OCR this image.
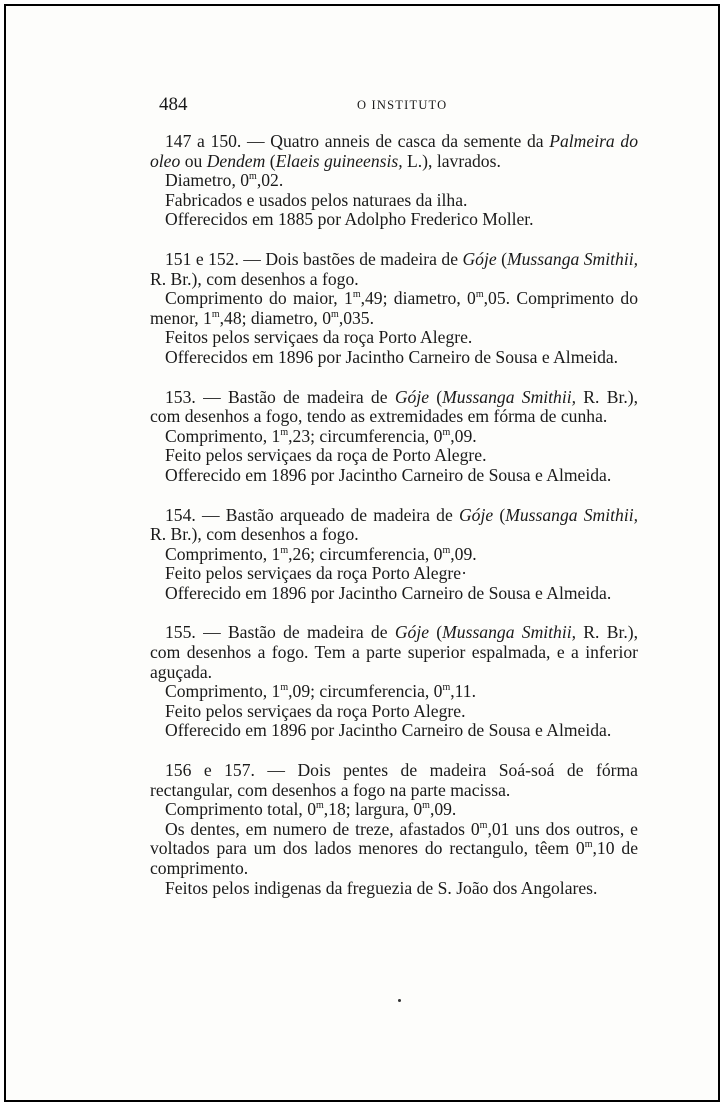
484	O INSTITUTO

147 a 150. — Quatro anneis de casca da semente da Palmeira do oleo ou Dendem (Elaeis guineensis, L.), lavrados.

Diametro, 0$^m$,02.

Fabricados e usados pelos naturaes da ilha.

Offerecidos em 1885 por Adolpho Frederico Moller.

151 e 152. — Dois bastões de madeira de Góje (Mussanga Smithii, R. Br.), com desenhos a fogo.

Comprimento do maior, 1$^m$,49; diametro, 0$^m$,05. Comprimento do menor, 1$^m$,48; diametro, 0$^m$,035.

Feitos pelos serviçaes da roça Porto Alegre.

Offerecidos em 1896 por Jacintho Carneiro de Sousa e Almeida.

153. — Bastão de madeira de Góje (Mussanga Smithii, R. Br.), com desenhos a fogo, tendo as extremidades em fórma de cunha.

Comprimento, 1$^m$,23; circumferencia, 0$^m$,09.

Feito pelos serviçaes da roça de Porto Alegre.

Offerecido em 1896 por Jacintho Carneiro de Sousa e Almeida.

154. — Bastão arqueado de madeira de Góje (Mussanga Smithii, R. Br.), com desenhos a fogo.

Comprimento, 1$^m$,26; circumferencia, 0$^m$,09.

Feito pelos serviçaes da roça Porto Alegre·

Offerecido em 1896 por Jacintho Carneiro de Sousa e Almeida.

155. — Bastão de madeira de Góje (Mussanga Smithii, R. Br.), com desenhos a fogo. Tem a parte superior espalmada, e a inferior aguçada.

Comprimento, 1$^m$,09; circumferencia, 0$^m$,11.

Feito pelos serviçaes da roça Porto Alegre.

Offerecido em 1896 por Jacintho Carneiro de Sousa e Almeida.

156 e 157. — Dois pentes de madeira Soá-soá de fórma rectangular, com desenhos a fogo na parte macissa.

Comprimento total, 0$^m$,18; largura, 0$^m$,09.

Os dentes, em numero de treze, afastados 0$^m$,01 uns dos outros, e voltados para um dos lados menores do rectangulo, têem 0$^m$,10 de comprimento.

Feitos pelos indigenas da freguezia de S. João dos Angolares.
